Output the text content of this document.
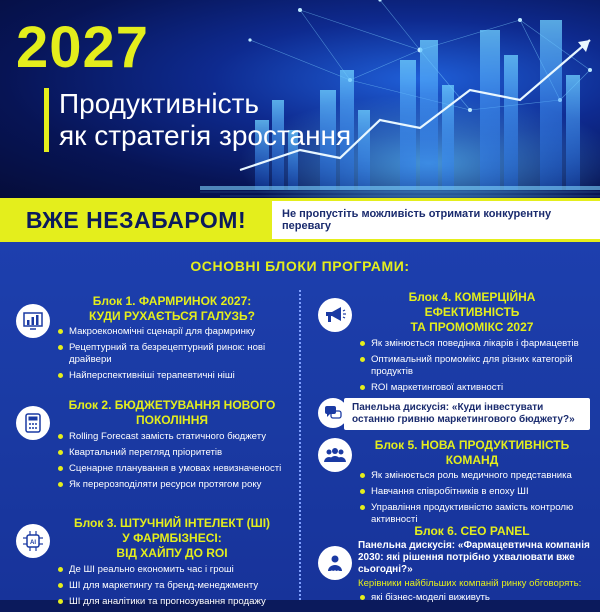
2027
Продуктивність
як стратегія зростання
ВЖЕ НЕЗАБАРОМ!	Не пропустіть можливість отримати конкурентну перевагу
ОСНОВНІ БЛОКИ ПРОГРАМИ:
Блок 1. ФАРМРИНОК 2027:
КУДИ РУХАЄТЬСЯ ГАЛУЗЬ?
Макроекономічні сценарії для фармринку
Рецептурний та безрецептурний ринок: нові драйвери
Найперспективніші терапевтичні ніші
Блок 2. БЮДЖЕТУВАННЯ НОВОГО
ПОКОЛІННЯ
Rolling Forecast замість статичного бюджету
Квартальний перегляд пріоритетів
Сценарне планування в умовах невизначеності
Як перерозподіляти ресурси протягом року
AI
Блок 3. ШТУЧНИЙ ІНТЕЛЕКТ (ШІ)
У ФАРМБІЗНЕСІ:
ВІД ХАЙПУ ДО ROI
Де ШІ реально економить час і гроші
ШІ для маркетингу та бренд-менеджменту
ШІ для аналітики та прогнозування продажу
Блок 4. КОМЕРЦІЙНА
ЕФЕКТИВНІСТЬ
ТА ПРОМОМІКС 2027
Як змінюється поведінка лікарів і фармацевтів
Оптимальний промомікс для різних категорій продуктів
ROI маркетингової активності
Панельна дискусія: «Куди інвестувати останню гривню маркетингового бюджету?»
Блок 5. НОВА ПРОДУКТИВНІСТЬ
КОМАНД
Як змінюється роль медичного представника
Навчання співробітників в епоху ШІ
Управління продуктивністю замість контролю активності
Блок 6. CEO PANEL
CEO
Панельна дискусія: «Фармацевтична компанія 2030: які рішення потрібно ухвалювати вже сьогодні?»
Керівники найбільших компаній ринку обговорять:
які бізнес-моделі виживуть
